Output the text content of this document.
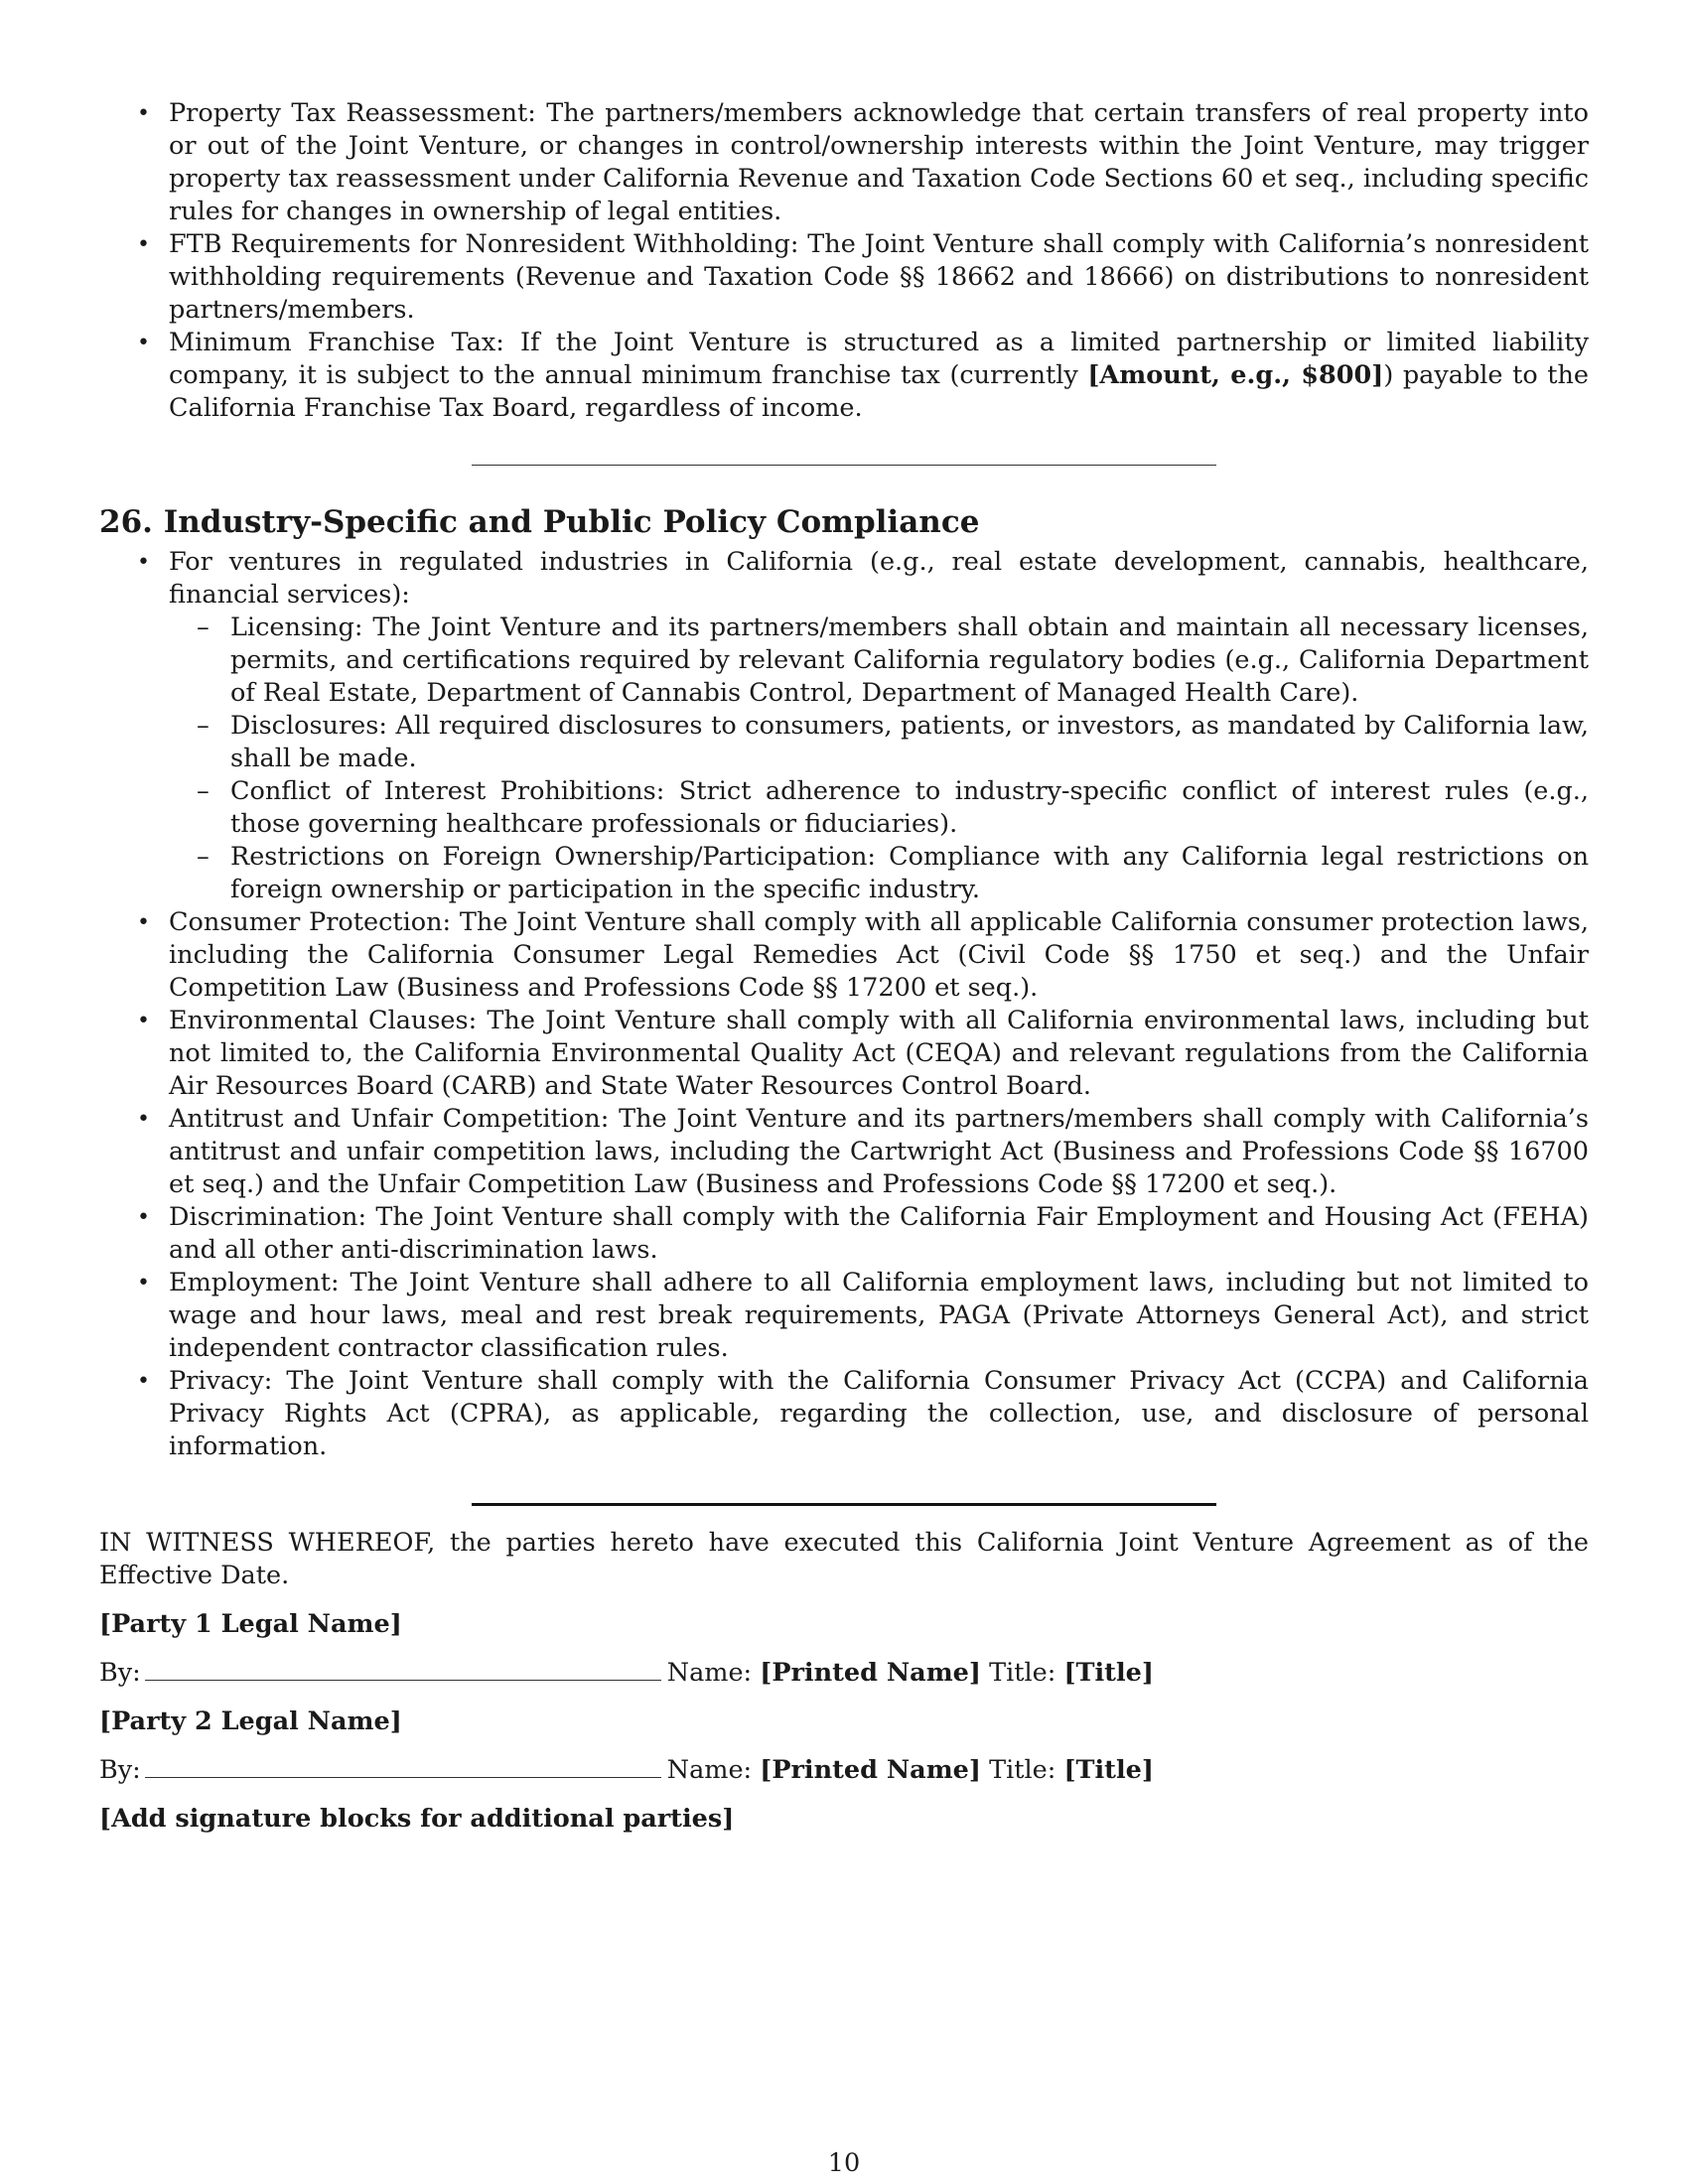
• Property Tax Reassessment: The partners/members acknowledge that certain transfers of real property into or out of the Joint Venture, or changes in control/ownership interests within the Joint Venture, may trigger property tax reassessment under California Revenue and Taxation Code Sections 60 et seq., including specific rules for changes in ownership of legal entities.
• FTB Requirements for Nonresident Withholding: The Joint Venture shall comply with California’s nonresident withholding requirements (Revenue and Taxation Code §§ 18662 and 18666) on distributions to nonresident partners/members.
• Minimum Franchise Tax: If the Joint Venture is structured as a limited partnership or limited liability company, it is subject to the annual minimum franchise tax (currently [Amount, e.g., $800]) payable to the California Franchise Tax Board, regardless of income.
26. Industry-Specific and Public Policy Compliance
• For ventures in regulated industries in California (e.g., real estate development, cannabis, healthcare, financial services):
– Licensing: The Joint Venture and its partners/members shall obtain and maintain all necessary licenses, permits, and certifications required by relevant California regulatory bodies (e.g., California Department of Real Estate, Department of Cannabis Control, Department of Managed Health Care).
– Disclosures: All required disclosures to consumers, patients, or investors, as mandated by California law, shall be made.
– Conflict of Interest Prohibitions: Strict adherence to industry-specific conflict of interest rules (e.g., those governing healthcare professionals or fiduciaries).
– Restrictions on Foreign Ownership/Participation: Compliance with any California legal restrictions on foreign ownership or participation in the specific industry.
• Consumer Protection: The Joint Venture shall comply with all applicable California consumer protection laws, including the California Consumer Legal Remedies Act (Civil Code §§ 1750 et seq.) and the Unfair Competition Law (Business and Professions Code §§ 17200 et seq.).
• Environmental Clauses: The Joint Venture shall comply with all California environmental laws, including but not limited to, the California Environmental Quality Act (CEQA) and relevant regulations from the California Air Resources Board (CARB) and State Water Resources Control Board.
• Antitrust and Unfair Competition: The Joint Venture and its partners/members shall comply with California’s antitrust and unfair competition laws, including the Cartwright Act (Business and Professions Code §§ 16700 et seq.) and the Unfair Competition Law (Business and Professions Code §§ 17200 et seq.).
• Discrimination: The Joint Venture shall comply with the California Fair Employment and Housing Act (FEHA) and all other anti-discrimination laws.
• Employment: The Joint Venture shall adhere to all California employment laws, including but not limited to wage and hour laws, meal and rest break requirements, PAGA (Private Attorneys General Act), and strict independent contractor classification rules.
• Privacy: The Joint Venture shall comply with the California Consumer Privacy Act (CCPA) and California Privacy Rights Act (CPRA), as applicable, regarding the collection, use, and disclosure of personal information.

IN WITNESS WHEREOF, the parties hereto have executed this California Joint Venture Agreement as of the Effective Date.

[Party 1 Legal Name]

By:	Name: [Printed Name] Title: [Title]

[Party 2 Legal Name]

By:	Name: [Printed Name] Title: [Title]

[Add signature blocks for additional parties]

10
